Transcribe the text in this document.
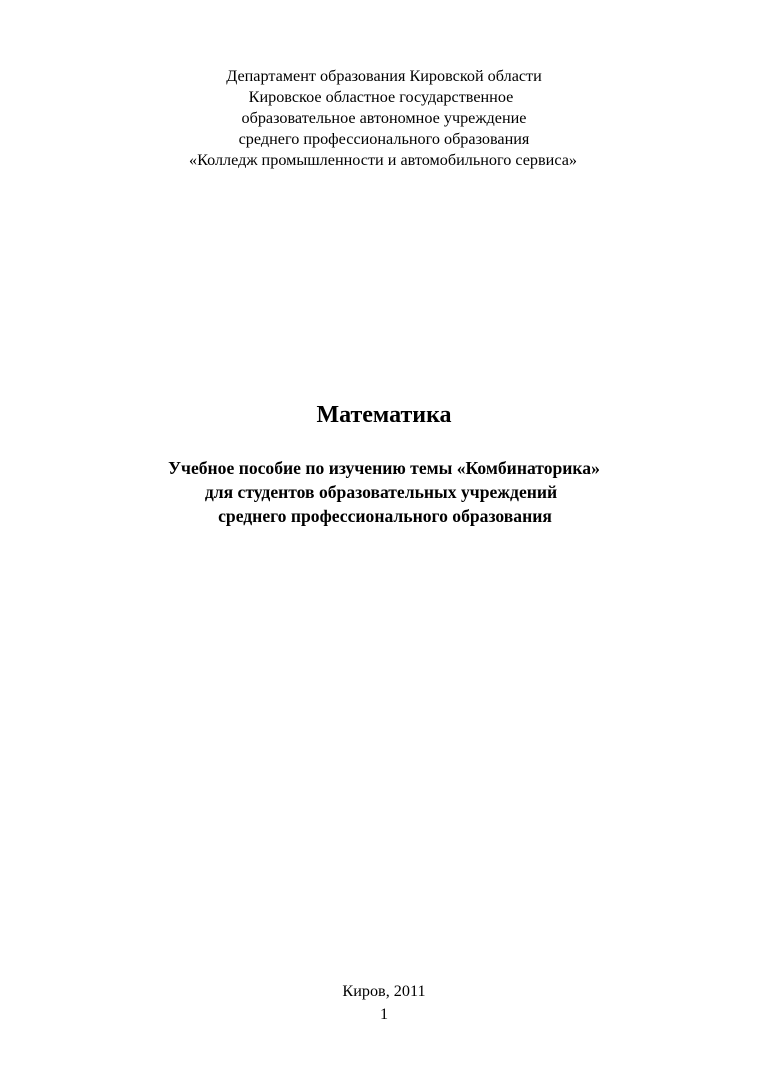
Департамент образования Кировской области
Кировское областное государственное
образовательное автономное учреждение
среднего профессионального образования
«Колледж промышленности и автомобильного сервиса»
Математика
Учебное пособие по изучению темы «Комбинаторика»
для студентов образовательных учреждений
среднего профессионального образования
Киров, 2011
1
